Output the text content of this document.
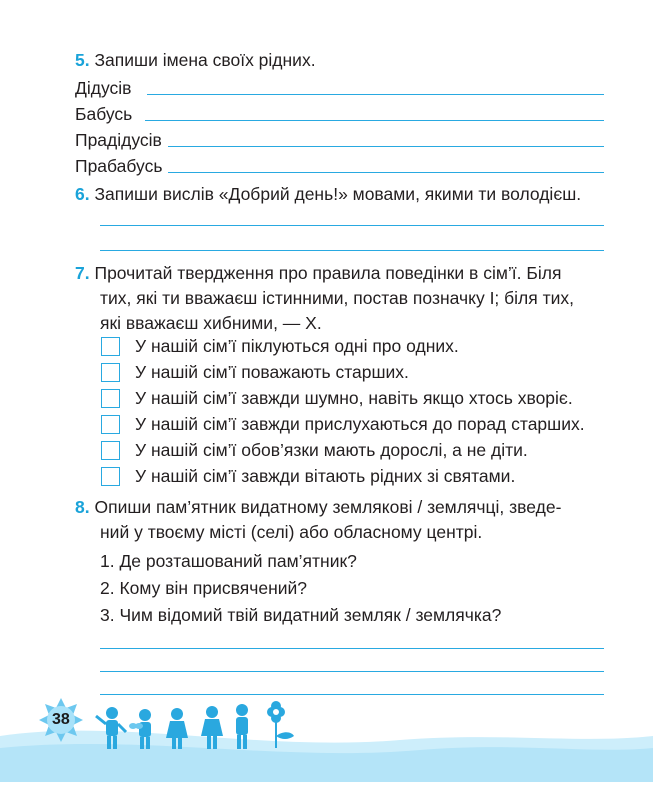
5. Запиши імена своїх рідних.
Дідусів
Бабусь
Прадідусів
Прабабусь
6. Запиши вислів «Добрий день!» мовами, якими ти володієш.
7. Прочитай твердження про правила поведінки в сім’ї. Біля
тих, які ти вважаєш істинними, постав позначку І; біля тих,
які вважаєш хибними, — Х.
У нашій сім’ї піклуються одні про одних.
У нашій сім’ї поважають старших.
У нашій сім’ї завжди шумно, навіть якщо хтось хворіє.
У нашій сім’ї завжди прислухаються до порад старших.
У нашій сім’ї обов’язки мають дорослі, а не діти.
У нашій сім’ї завжди вітають рідних зі святами.
8. Опиши пам’ятник видатному землякові / землячці, зведе-
ний у твоєму місті (селі) або обласному центрі.
1. Де розташований пам’ятник?
2. Кому він присвячений?
3. Чим відомий твій видатний земляк / землячка?
38
